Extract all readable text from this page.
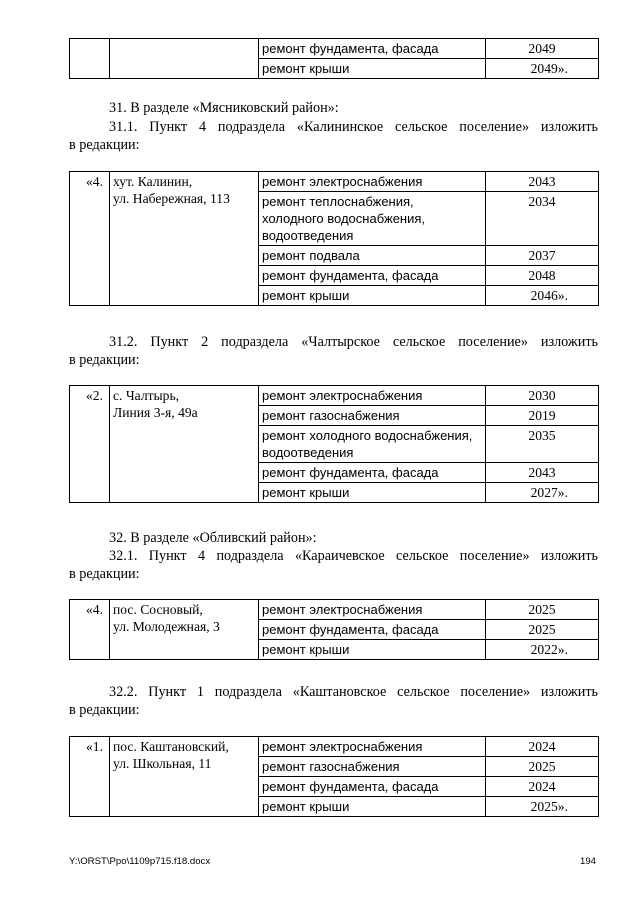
		ремонт фундамента, фасада	2049
		ремонт крыши	2049».
31. В разделе «Мясниковский район»:
31.1. Пункт 4 подраздела «Калининское сельское поселение» изложить
в редакции:
«4.	хут. Калинин,
ул. Набережная, 113	ремонт электроснабжения	2043

		ремонт теплоснабжения,
холодного водоснабжения,
водоотведения	2034
		ремонт подвала	2037
		ремонт фундамента, фасада	2048
		ремонт крыши	2046».
31.2. Пункт 2 подраздела «Чалтырское сельское поселение» изложить
в редакции:
«2.	с. Чалтырь,
Линия 3-я, 49а	ремонт электроснабжения	2030
		ремонт газоснабжения	2019

		ремонт холодного водоснабжения,
водоотведения	2035
		ремонт фундамента, фасада	2043
		ремонт крыши	2027».
32. В разделе «Обливский район»:
32.1. Пункт 4 подраздела «Караичевское сельское поселение» изложить
в редакции:
«4.	пос. Сосновый,
ул. Молодежная, 3	ремонт электроснабжения	2025
		ремонт фундамента, фасада	2025
		ремонт крыши	2022».
32.2. Пункт 1 подраздела «Каштановское сельское поселение» изложить
в редакции:
«1.	пос. Каштановский,
ул. Школьная, 11	ремонт электроснабжения	2024
		ремонт газоснабжения	2025
		ремонт фундамента, фасада	2024
		ремонт крыши	2025».
Y:\ORST\Ppo\1109p715.f18.docx	194
